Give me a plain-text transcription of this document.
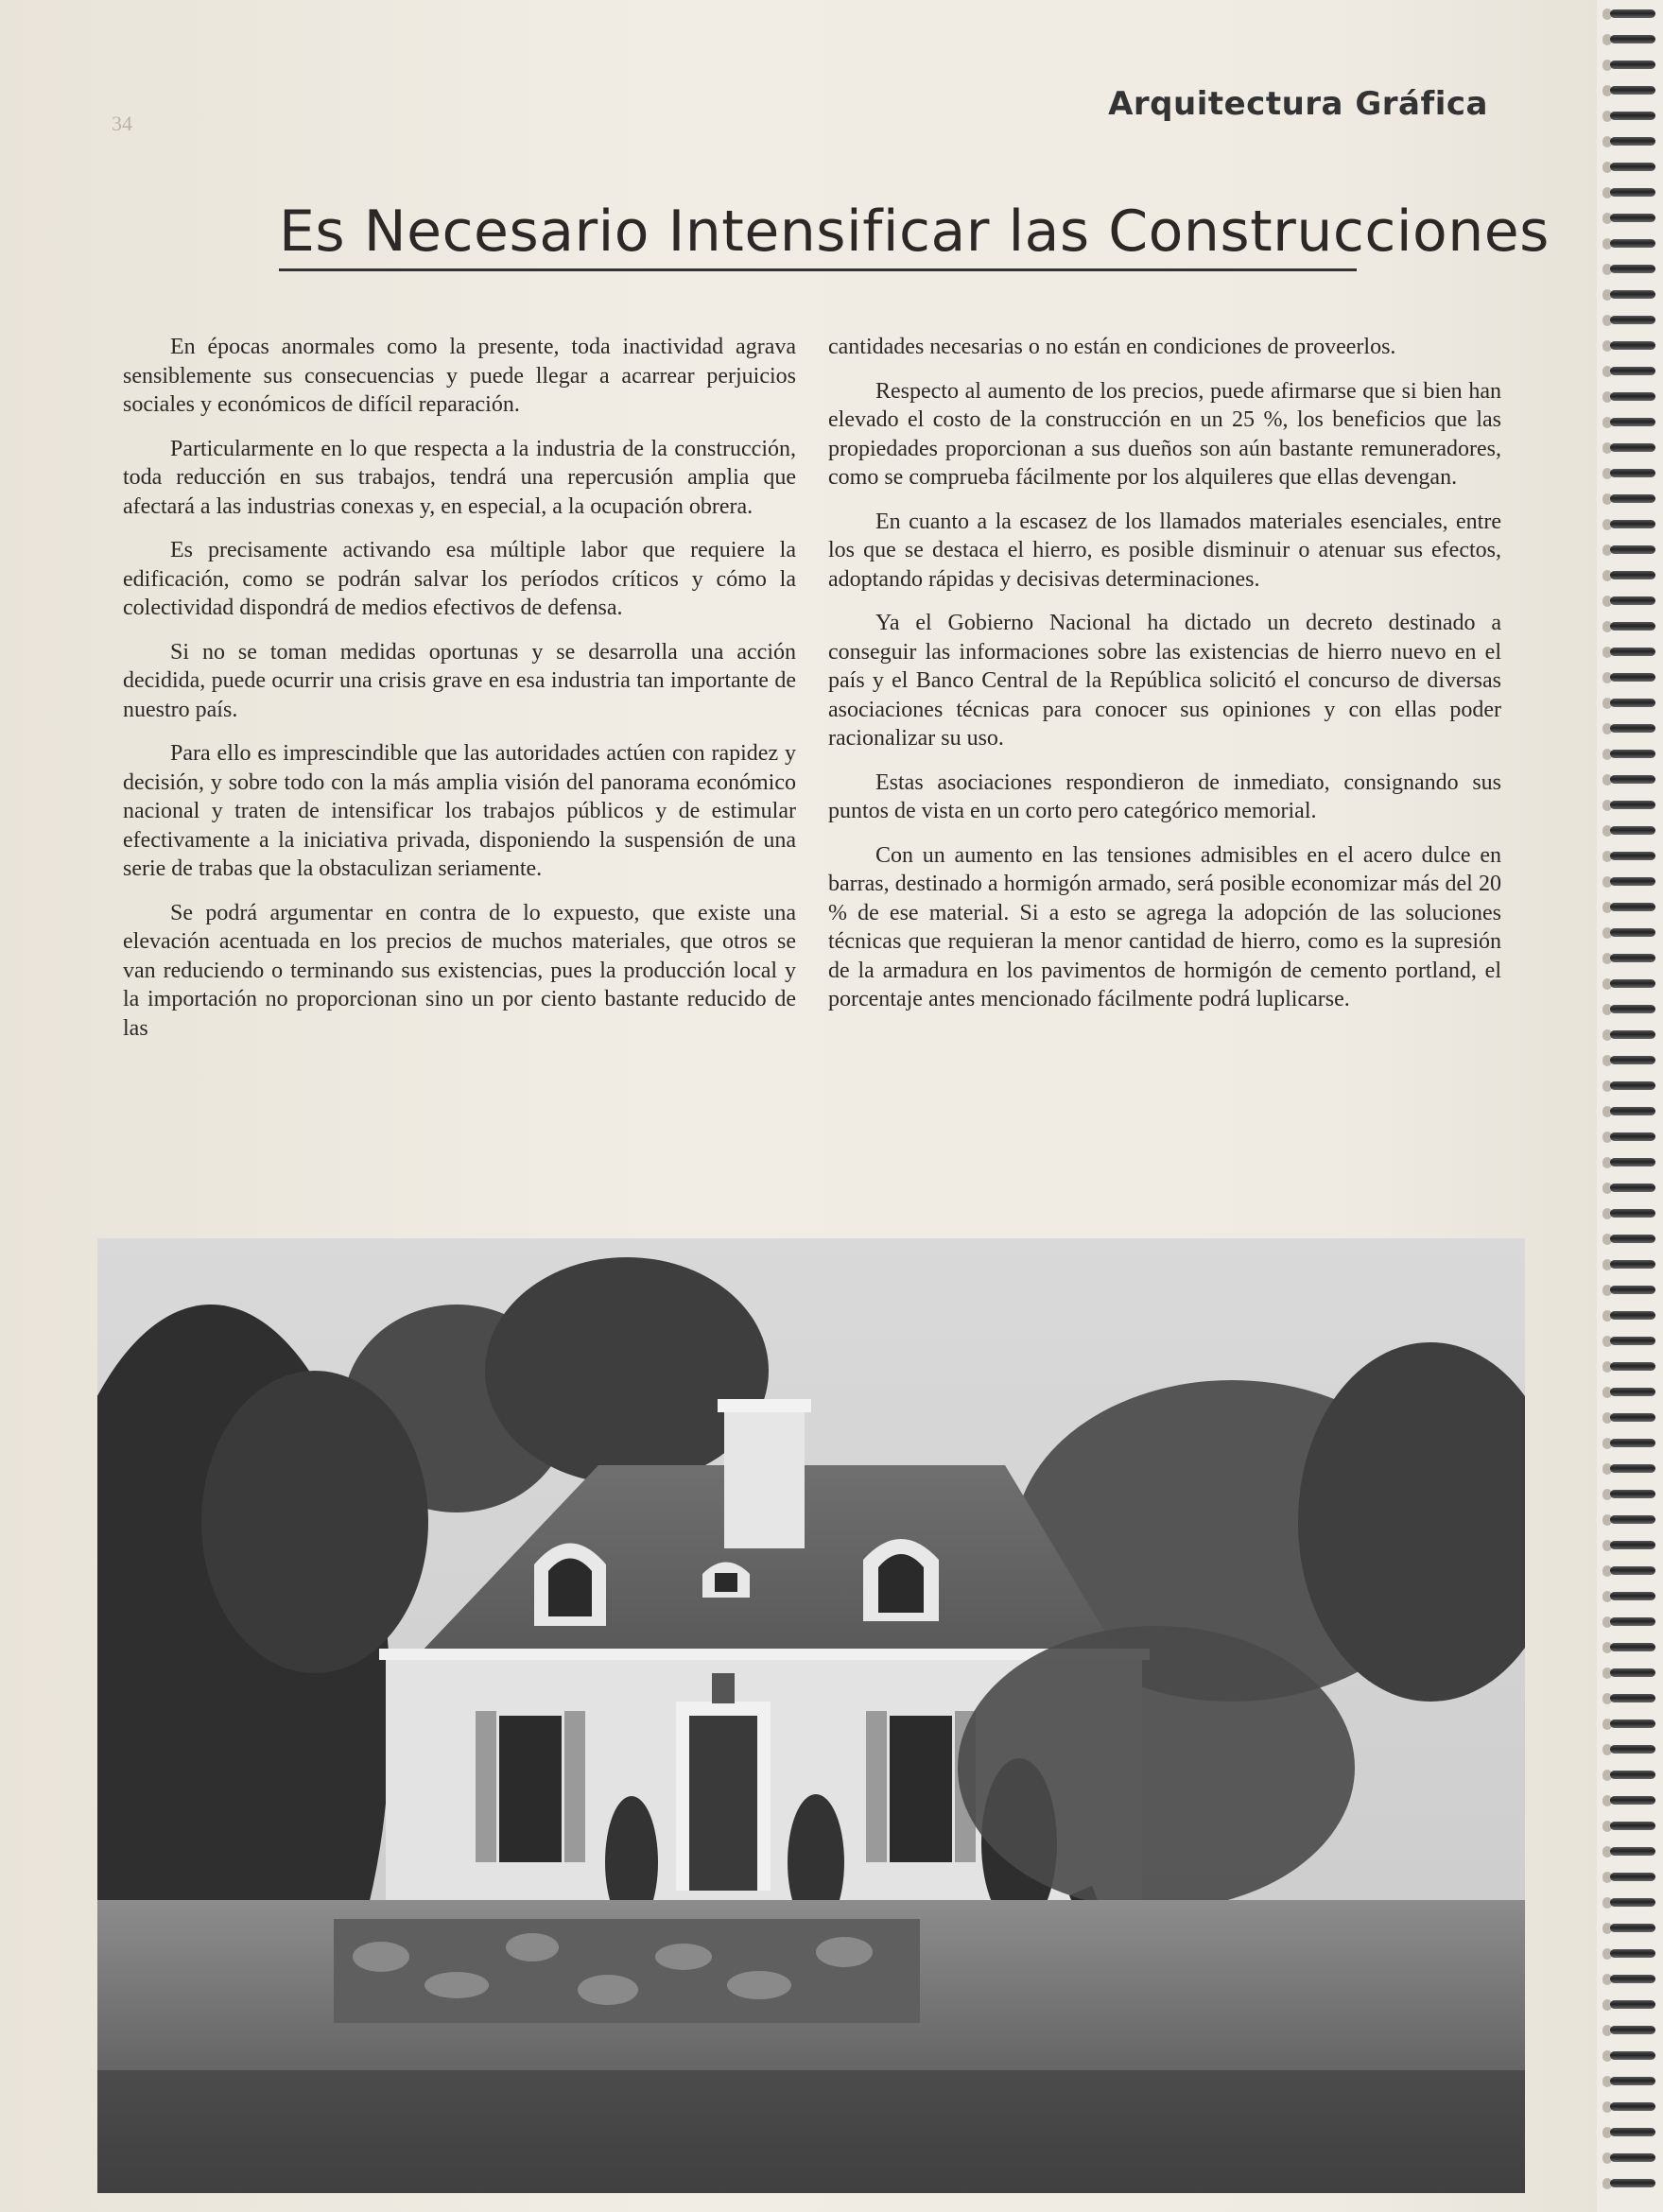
34
Arquitectura Gráfica
Es Necesario Intensificar las Construcciones

En épocas anormales como la presente, toda inactividad agrava sensiblemente sus consecuencias y puede llegar a acarrear perjuicios sociales y económicos de difícil reparación.

Particularmente en lo que respecta a la industria de la construcción, toda reducción en sus trabajos, tendrá una repercusión amplia que afectará a las industrias conexas y, en especial, a la ocupación obrera.

Es precisamente activando esa múltiple labor que requiere la edificación, como se podrán salvar los períodos críticos y cómo la colectividad dispondrá de medios efectivos de defensa.

Si no se toman medidas oportunas y se desarrolla una acción decidida, puede ocurrir una crisis grave en esa industria tan importante de nuestro país.

Para ello es imprescindible que las autoridades actúen con rapidez y decisión, y sobre todo con la más amplia visión del panorama económico nacional y traten de intensificar los trabajos públicos y de estimular efectivamente a la iniciativa privada, disponiendo la suspensión de una serie de trabas que la obstaculizan seriamente.

Se podrá argumentar en contra de lo expuesto, que existe una elevación acentuada en los precios de muchos materiales, que otros se van reduciendo o terminando sus existencias, pues la producción local y la importación no proporcionan sino un por ciento bastante reducido de las

cantidades necesarias o no están en condiciones de proveerlos.

Respecto al aumento de los precios, puede afirmarse que si bien han elevado el costo de la construcción en un 25 %, los beneficios que las propiedades proporcionan a sus dueños son aún bastante remuneradores, como se comprueba fácilmente por los alquileres que ellas devengan.

En cuanto a la escasez de los llamados materiales esenciales, entre los que se destaca el hierro, es posible disminuir o atenuar sus efectos, adoptando rápidas y decisivas determinaciones.

Ya el Gobierno Nacional ha dictado un decreto destinado a conseguir las informaciones sobre las existencias de hierro nuevo en el país y el Banco Central de la República solicitó el concurso de diversas asociaciones técnicas para conocer sus opiniones y con ellas poder racionalizar su uso.

Estas asociaciones respondieron de inmediato, consignando sus puntos de vista en un corto pero categórico memorial.

Con un aumento en las tensiones admisibles en el acero dulce en barras, destinado a hormigón armado, será posible economizar más del 20 % de ese material. Si a esto se agrega la adopción de las soluciones técnicas que requieran la menor cantidad de hierro, como es la supresión de la armadura en los pavimentos de hormigón de cemento portland, el porcentaje antes mencionado fácilmente podrá luplicarse.
